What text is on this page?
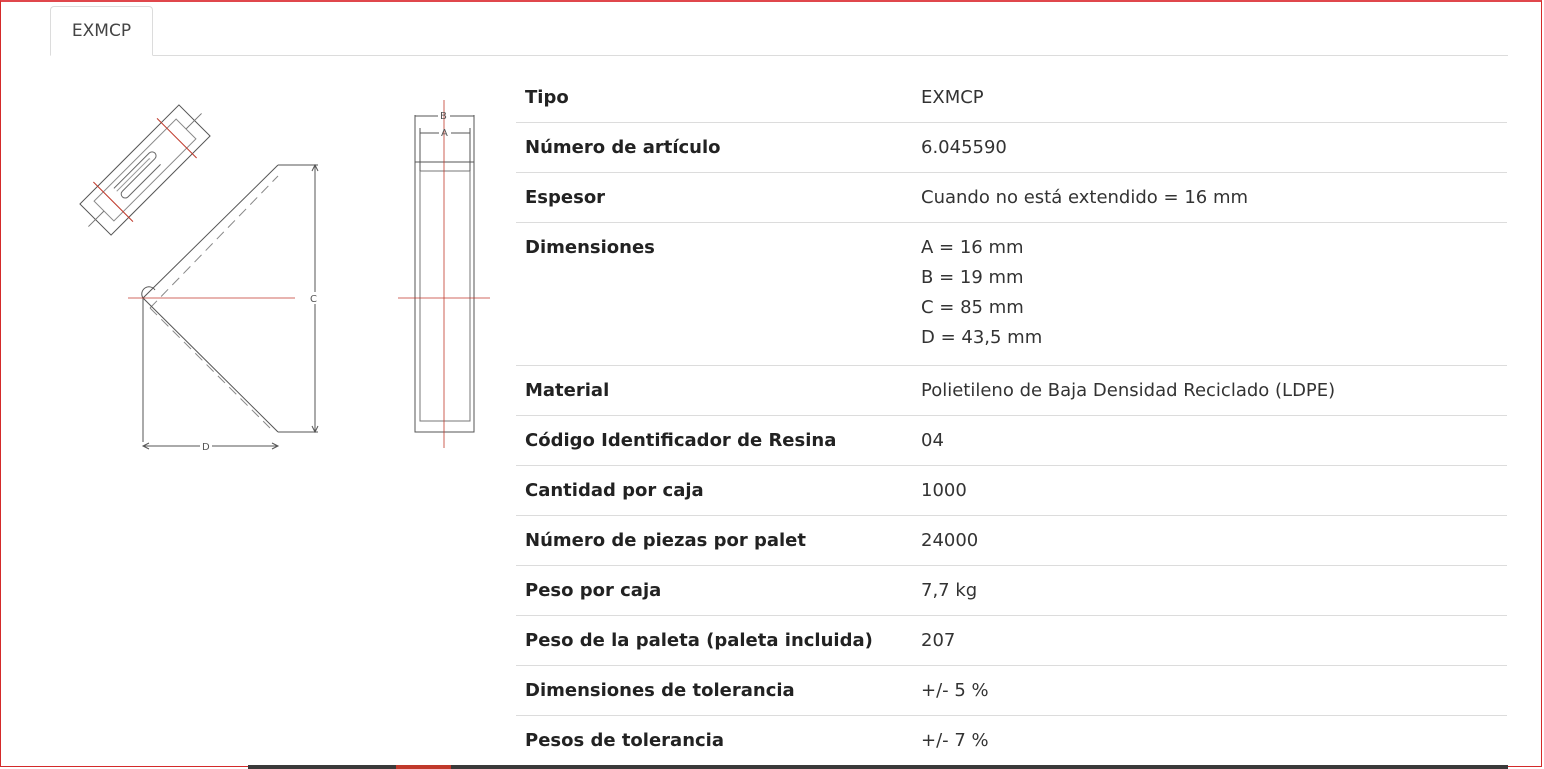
EXMCP
B
A
C
D
Tipo	EXMCP
Número de artículo	6.045590
Espesor	Cuando no está extendido = 16 mm
Dimensiones	A = 16 mm
B = 19 mm
C = 85 mm
D = 43,5 mm

Material	Polietileno de Baja Densidad Reciclado (LDPE)
Código Identificador de Resina	04
Cantidad por caja	1000
Número de piezas por palet	24000
Peso por caja	7,7 kg
Peso de la paleta (paleta incluida)	207
Dimensiones de tolerancia	+/- 5 %
Pesos de tolerancia	+/- 7 %
